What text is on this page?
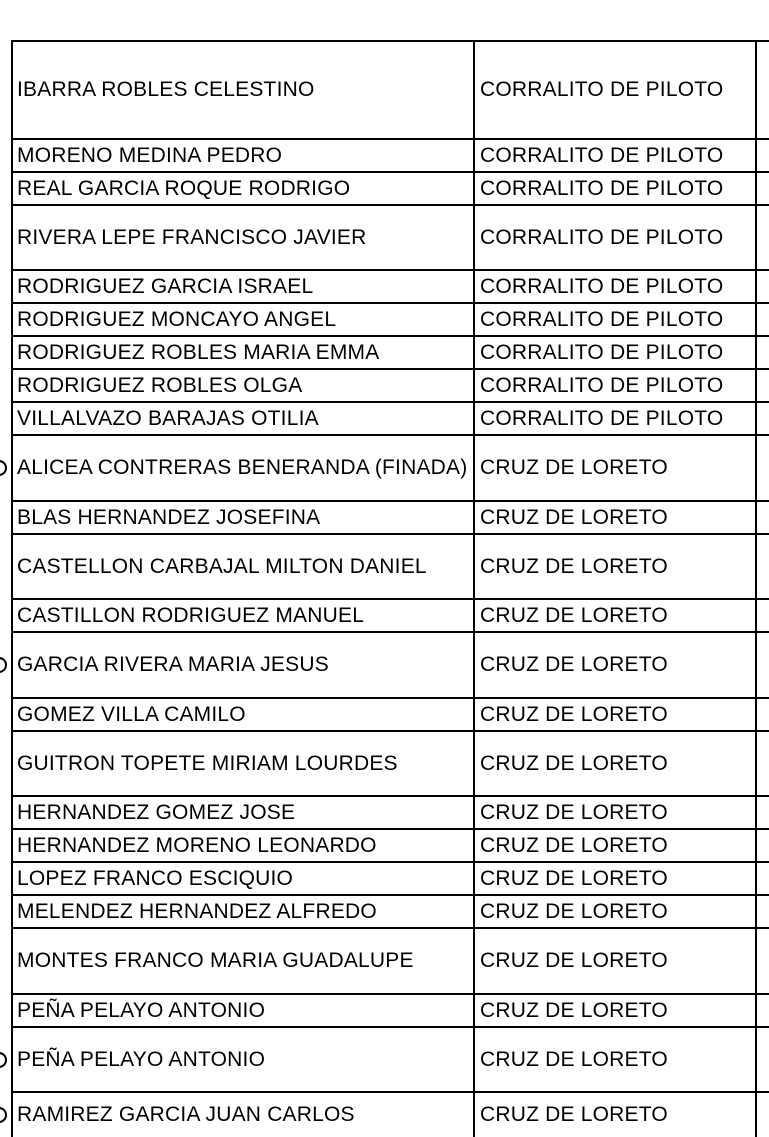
IBARRA ROBLES CELESTINO	CORRALITO DE PILOTO
MORENO MEDINA PEDRO	CORRALITO DE PILOTO
REAL GARCIA ROQUE RODRIGO	CORRALITO DE PILOTO
RIVERA LEPE FRANCISCO JAVIER	CORRALITO DE PILOTO
RODRIGUEZ GARCIA ISRAEL	CORRALITO DE PILOTO
RODRIGUEZ MONCAYO ANGEL	CORRALITO DE PILOTO
RODRIGUEZ ROBLES MARIA EMMA	CORRALITO DE PILOTO
RODRIGUEZ ROBLES OLGA	CORRALITO DE PILOTO
VILLALVAZO BARAJAS OTILIA	CORRALITO DE PILOTO
ALICEA CONTRERAS BENERANDA (FINADA) CRUZ DE LORETO
BLAS HERNANDEZ JOSEFINA	CRUZ DE LORETO
CASTELLON CARBAJAL MILTON DANIEL	CRUZ DE LORETO
CASTILLON RODRIGUEZ MANUEL	CRUZ DE LORETO
GARCIA RIVERA MARIA JESUS	CRUZ DE LORETO
GOMEZ VILLA CAMILO	CRUZ DE LORETO
GUITRON TOPETE MIRIAM LOURDES	CRUZ DE LORETO
HERNANDEZ GOMEZ JOSE	CRUZ DE LORETO
HERNANDEZ MORENO LEONARDO	CRUZ DE LORETO
LOPEZ FRANCO ESCIQUIO	CRUZ DE LORETO
MELENDEZ HERNANDEZ ALFREDO	CRUZ DE LORETO
MONTES FRANCO MARIA GUADALUPE	CRUZ DE LORETO
PEÑA PELAYO ANTONIO	CRUZ DE LORETO
PEÑA PELAYO ANTONIO	CRUZ DE LORETO
RAMIREZ GARCIA JUAN CARLOS	CRUZ DE LORETO
